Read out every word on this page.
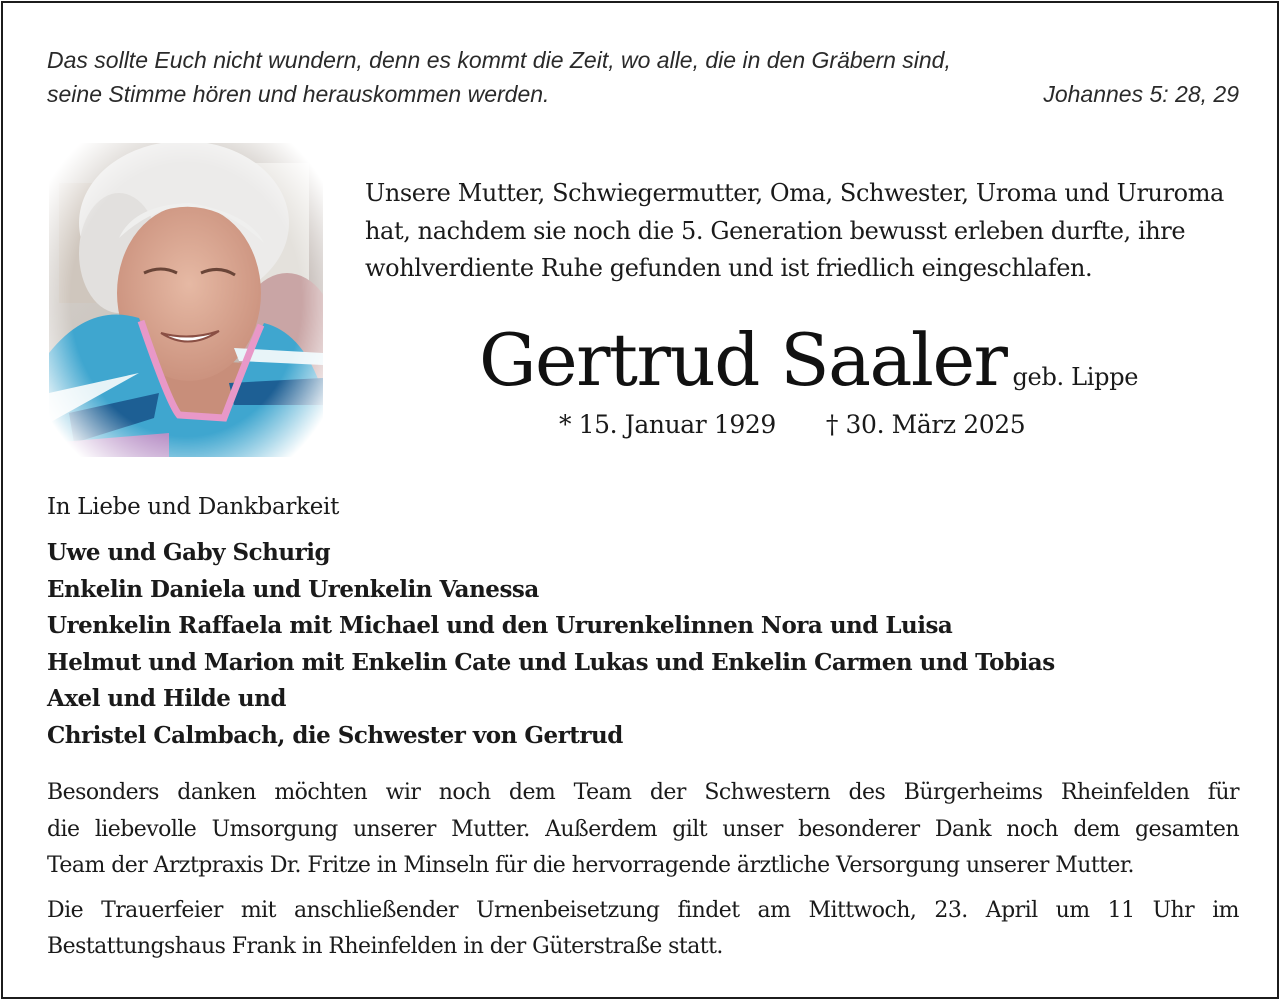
Das sollte Euch nicht wundern, denn es kommt die Zeit, wo alle, die in den Gräbern sind,
seine Stimme hören und herauskommen werden.	Johannes 5: 28, 29
Unsere Mutter, Schwiegermutter, Oma, Schwester, Uroma und Ururoma
hat, nachdem sie noch die 5. Generation bewusst erleben durfte, ihre
wohlverdiente Ruhe gefunden und ist friedlich eingeschlafen.
Gertrud Saaler geb. Lippe
* 15. Januar 1929 † 30. März 2025
In Liebe und Dankbarkeit
Uwe und Gaby Schurig
Enkelin Daniela und Urenkelin Vanessa
Urenkelin Raffaela mit Michael und den Ururenkelinnen Nora und Luisa
Helmut und Marion mit Enkelin Cate und Lukas und Enkelin Carmen und Tobias
Axel und Hilde und
Christel Calmbach, die Schwester von Gertrud
Besonders danken möchten wir noch dem Team der Schwestern des Bürgerheims Rheinfelden für
die liebevolle Umsorgung unserer Mutter. Außerdem gilt unser besonderer Dank noch dem gesamten
Team der Arztpraxis Dr. Fritze in Minseln für die hervorragende ärztliche Versorgung unserer Mutter.
Die Trauerfeier mit anschließender Urnenbeisetzung findet am Mittwoch, 23. April um 11 Uhr im
Bestattungshaus Frank in Rheinfelden in der Güterstraße statt.
